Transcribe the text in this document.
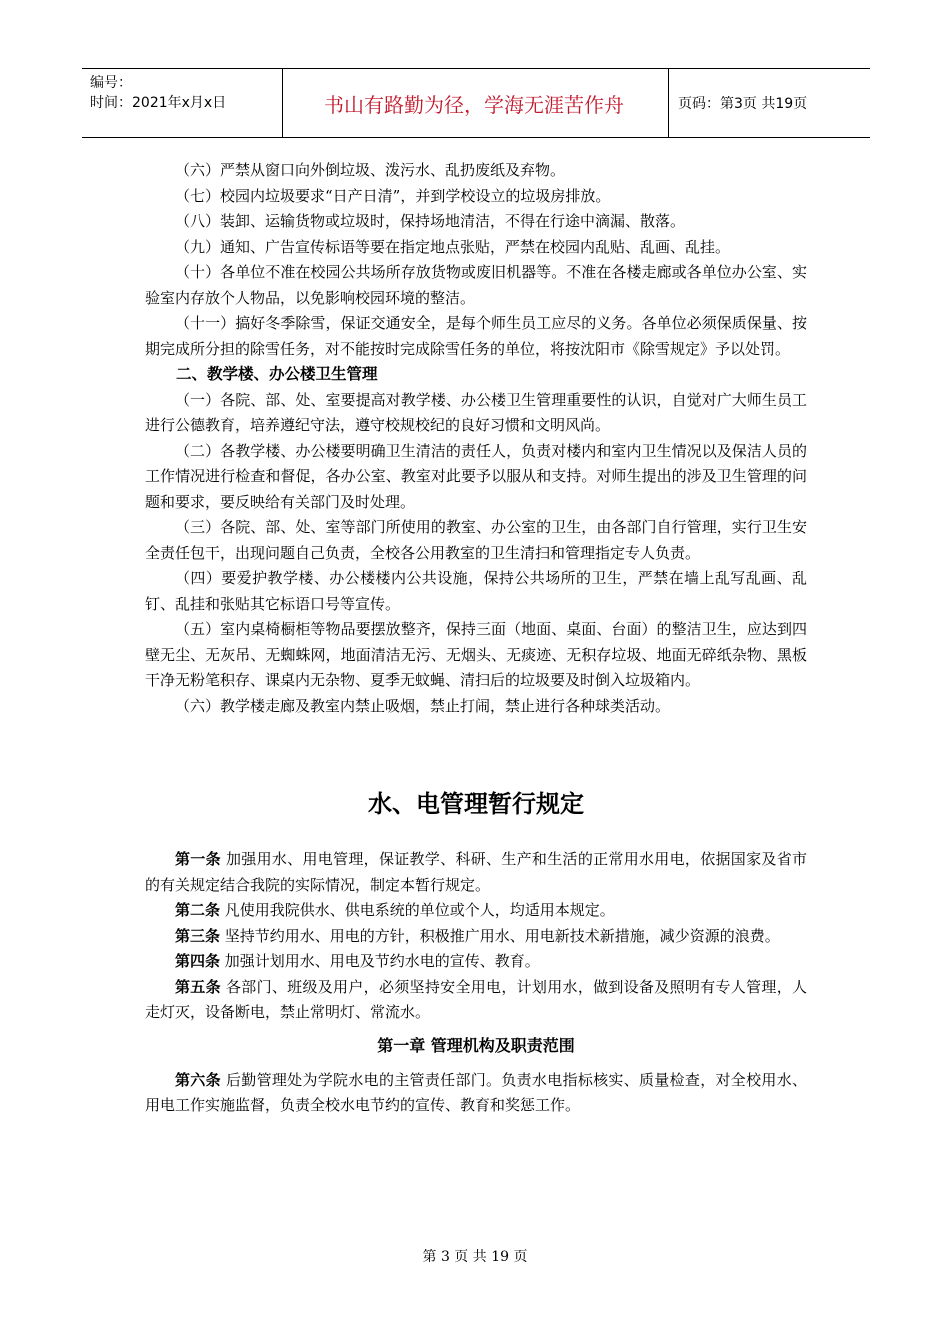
编号：
时间：2021年x月x日	书山有路勤为径，学海无涯苦作舟	页码：第3页 共19页

（六）严禁从窗口向外倒垃圾、泼污水、乱扔废纸及弃物。

（七）校园内垃圾要求“日产日清”，并到学校设立的垃圾房排放。

（八）装卸、运输货物或垃圾时，保持场地清洁，不得在行途中滴漏、散落。

（九）通知、广告宣传标语等要在指定地点张贴，严禁在校园内乱贴、乱画、乱挂。

（十）各单位不准在校园公共场所存放货物或废旧机器等。不准在各楼走廊或各单位办公室、实验室内存放个人物品，以免影响校园环境的整洁。

（十一）搞好冬季除雪，保证交通安全，是每个师生员工应尽的义务。各单位必须保质保量、按期完成所分担的除雪任务，对不能按时完成除雪任务的单位，将按沈阳市《除雪规定》予以处罚。

二、教学楼、办公楼卫生管理

（一）各院、部、处、室要提高对教学楼、办公楼卫生管理重要性的认识，自觉对广大师生员工进行公德教育，培养遵纪守法，遵守校规校纪的良好习惯和文明风尚。

（二）各教学楼、办公楼要明确卫生清洁的责任人，负责对楼内和室内卫生情况以及保洁人员的工作情况进行检查和督促，各办公室、教室对此要予以服从和支持。对师生提出的涉及卫生管理的问题和要求，要反映给有关部门及时处理。

（三）各院、部、处、室等部门所使用的教室、办公室的卫生，由各部门自行管理，实行卫生安全责任包干，出现问题自己负责，全校各公用教室的卫生清扫和管理指定专人负责。

（四）要爱护教学楼、办公楼楼内公共设施，保持公共场所的卫生，严禁在墙上乱写乱画、乱钉、乱挂和张贴其它标语口号等宣传。

（五）室内桌椅橱柜等物品要摆放整齐，保持三面（地面、桌面、台面）的整洁卫生，应达到四壁无尘、无灰吊、无蜘蛛网，地面清洁无污、无烟头、无痰迹、无积存垃圾、地面无碎纸杂物、黑板干净无粉笔积存、课桌内无杂物、夏季无蚊蝇、清扫后的垃圾要及时倒入垃圾箱内。

（六）教学楼走廊及教室内禁止吸烟，禁止打闹，禁止进行各种球类活动。

水、电管理暂行规定

第一条 加强用水、用电管理，保证教学、科研、生产和生活的正常用水用电，依据国家及省市的有关规定结合我院的实际情况，制定本暂行规定。

第二条 凡使用我院供水、供电系统的单位或个人，均适用本规定。

第三条 坚持节约用水、用电的方针，积极推广用水、用电新技术新措施，减少资源的浪费。

第四条 加强计划用水、用电及节约水电的宣传、教育。

第五条 各部门、班级及用户，必须坚持安全用电，计划用水，做到设备及照明有专人管理，人走灯灭，设备断电，禁止常明灯、常流水。

第一章 管理机构及职责范围

第六条 后勤管理处为学院水电的主管责任部门。负责水电指标核实、质量检查，对全校用水、用电工作实施监督，负责全校水电节约的宣传、教育和奖惩工作。

第 3 页 共 19 页
